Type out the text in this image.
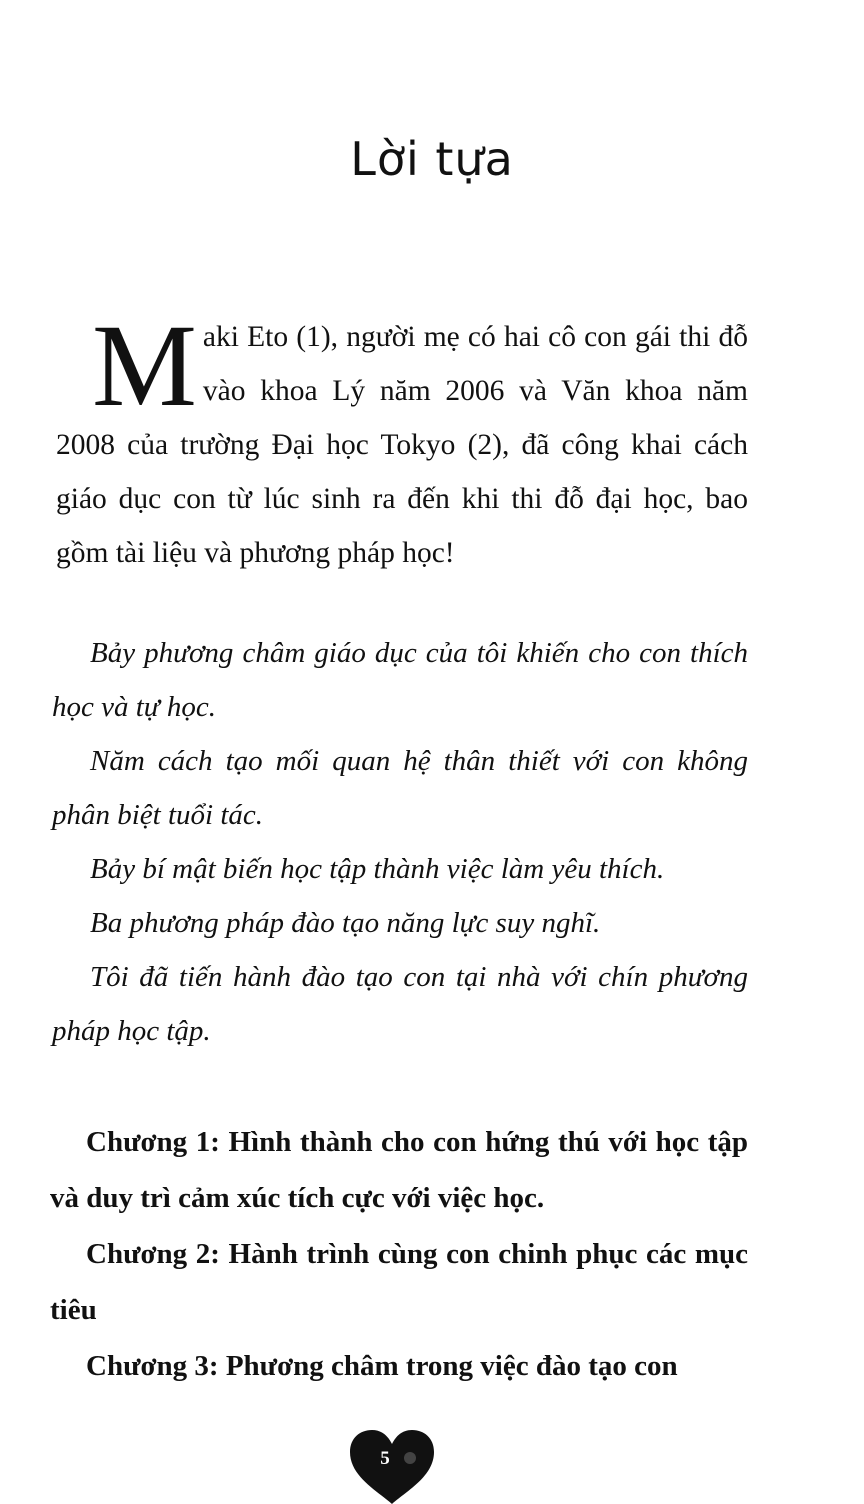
Lời tựa

Maki Eto (1), người mẹ có hai cô con gái thi đỗ vào khoa Lý năm 2006 và Văn khoa năm 2008 của trường Đại học Tokyo (2), đã công khai cách giáo dục con từ lúc sinh ra đến khi thi đỗ đại học, bao gồm tài liệu và phương pháp học!

Bảy phương châm giáo dục của tôi khiến cho con thích học và tự học.
Năm cách tạo mối quan hệ thân thiết với con không phân biệt tuổi tác.
Bảy bí mật biến học tập thành việc làm yêu thích.
Ba phương pháp đào tạo năng lực suy nghĩ.
Tôi đã tiến hành đào tạo con tại nhà với chín phương pháp học tập.
Chương 1: Hình thành cho con hứng thú với học tập và duy trì cảm xúc tích cực với việc học.
Chương 2: Hành trình cùng con chinh phục các mục tiêu
Chương 3: Phương châm trong việc đào tạo con
5
